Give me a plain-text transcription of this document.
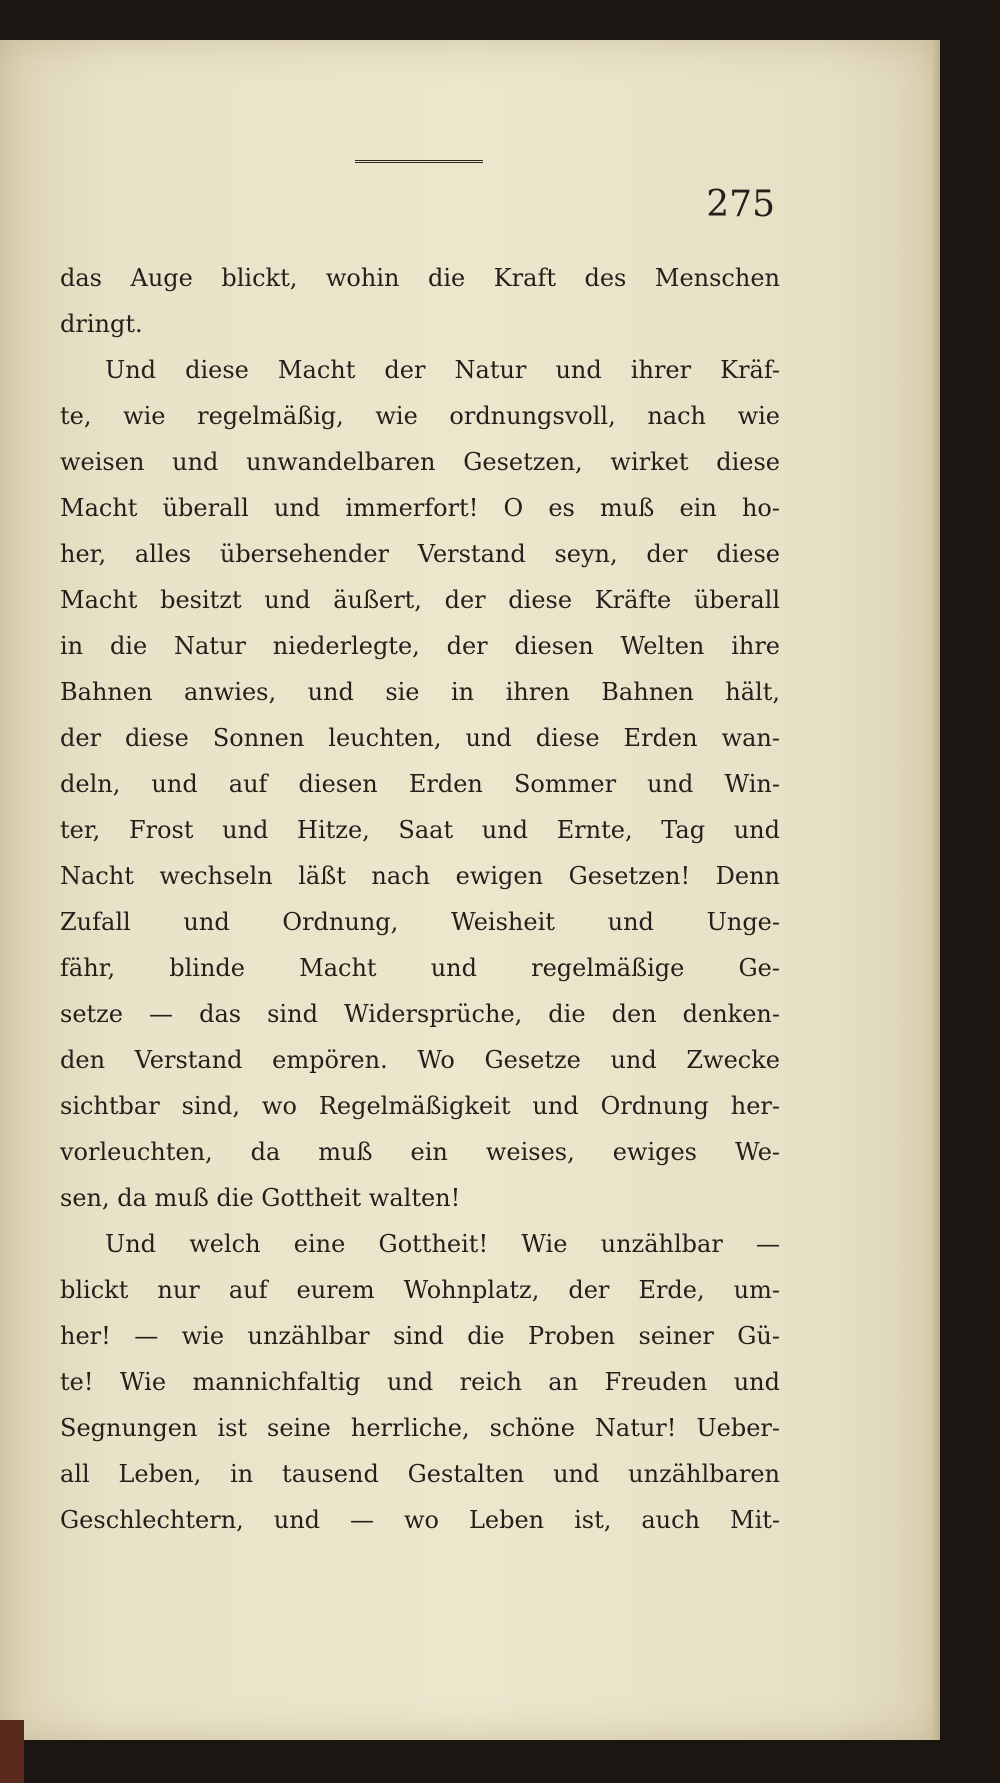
275
das Auge blickt, wohin die Kraft des Menschen
dringt.
Und diese Macht der Natur und ihrer Kräf-
te, wie regelmäßig, wie ordnungsvoll, nach wie
weisen und unwandelbaren Gesetzen, wirket diese
Macht überall und immerfort! O es muß ein ho-
her, alles übersehender Verstand seyn, der diese
Macht besitzt und äußert, der diese Kräfte überall
in die Natur niederlegte, der diesen Welten ihre
Bahnen anwies, und sie in ihren Bahnen hält,
der diese Sonnen leuchten, und diese Erden wan-
deln, und auf diesen Erden Sommer und Win-
ter, Frost und Hitze, Saat und Ernte, Tag und
Nacht wechseln läßt nach ewigen Gesetzen! Denn
Zufall und Ordnung, Weisheit und Unge-
fähr, blinde Macht und regelmäßige Ge-
setze — das sind Widersprüche, die den denken-
den Verstand empören. Wo Gesetze und Zwecke
sichtbar sind, wo Regelmäßigkeit und Ordnung her-
vorleuchten, da muß ein weises, ewiges We-
sen, da muß die Gottheit walten!
Und welch eine Gottheit! Wie unzählbar —
blickt nur auf eurem Wohnplatz, der Erde, um-
her! — wie unzählbar sind die Proben seiner Gü-
te! Wie mannichfaltig und reich an Freuden und
Segnungen ist seine herrliche, schöne Natur! Ueber-
all Leben, in tausend Gestalten und unzählbaren
Geschlechtern, und — wo Leben ist, auch Mit-
